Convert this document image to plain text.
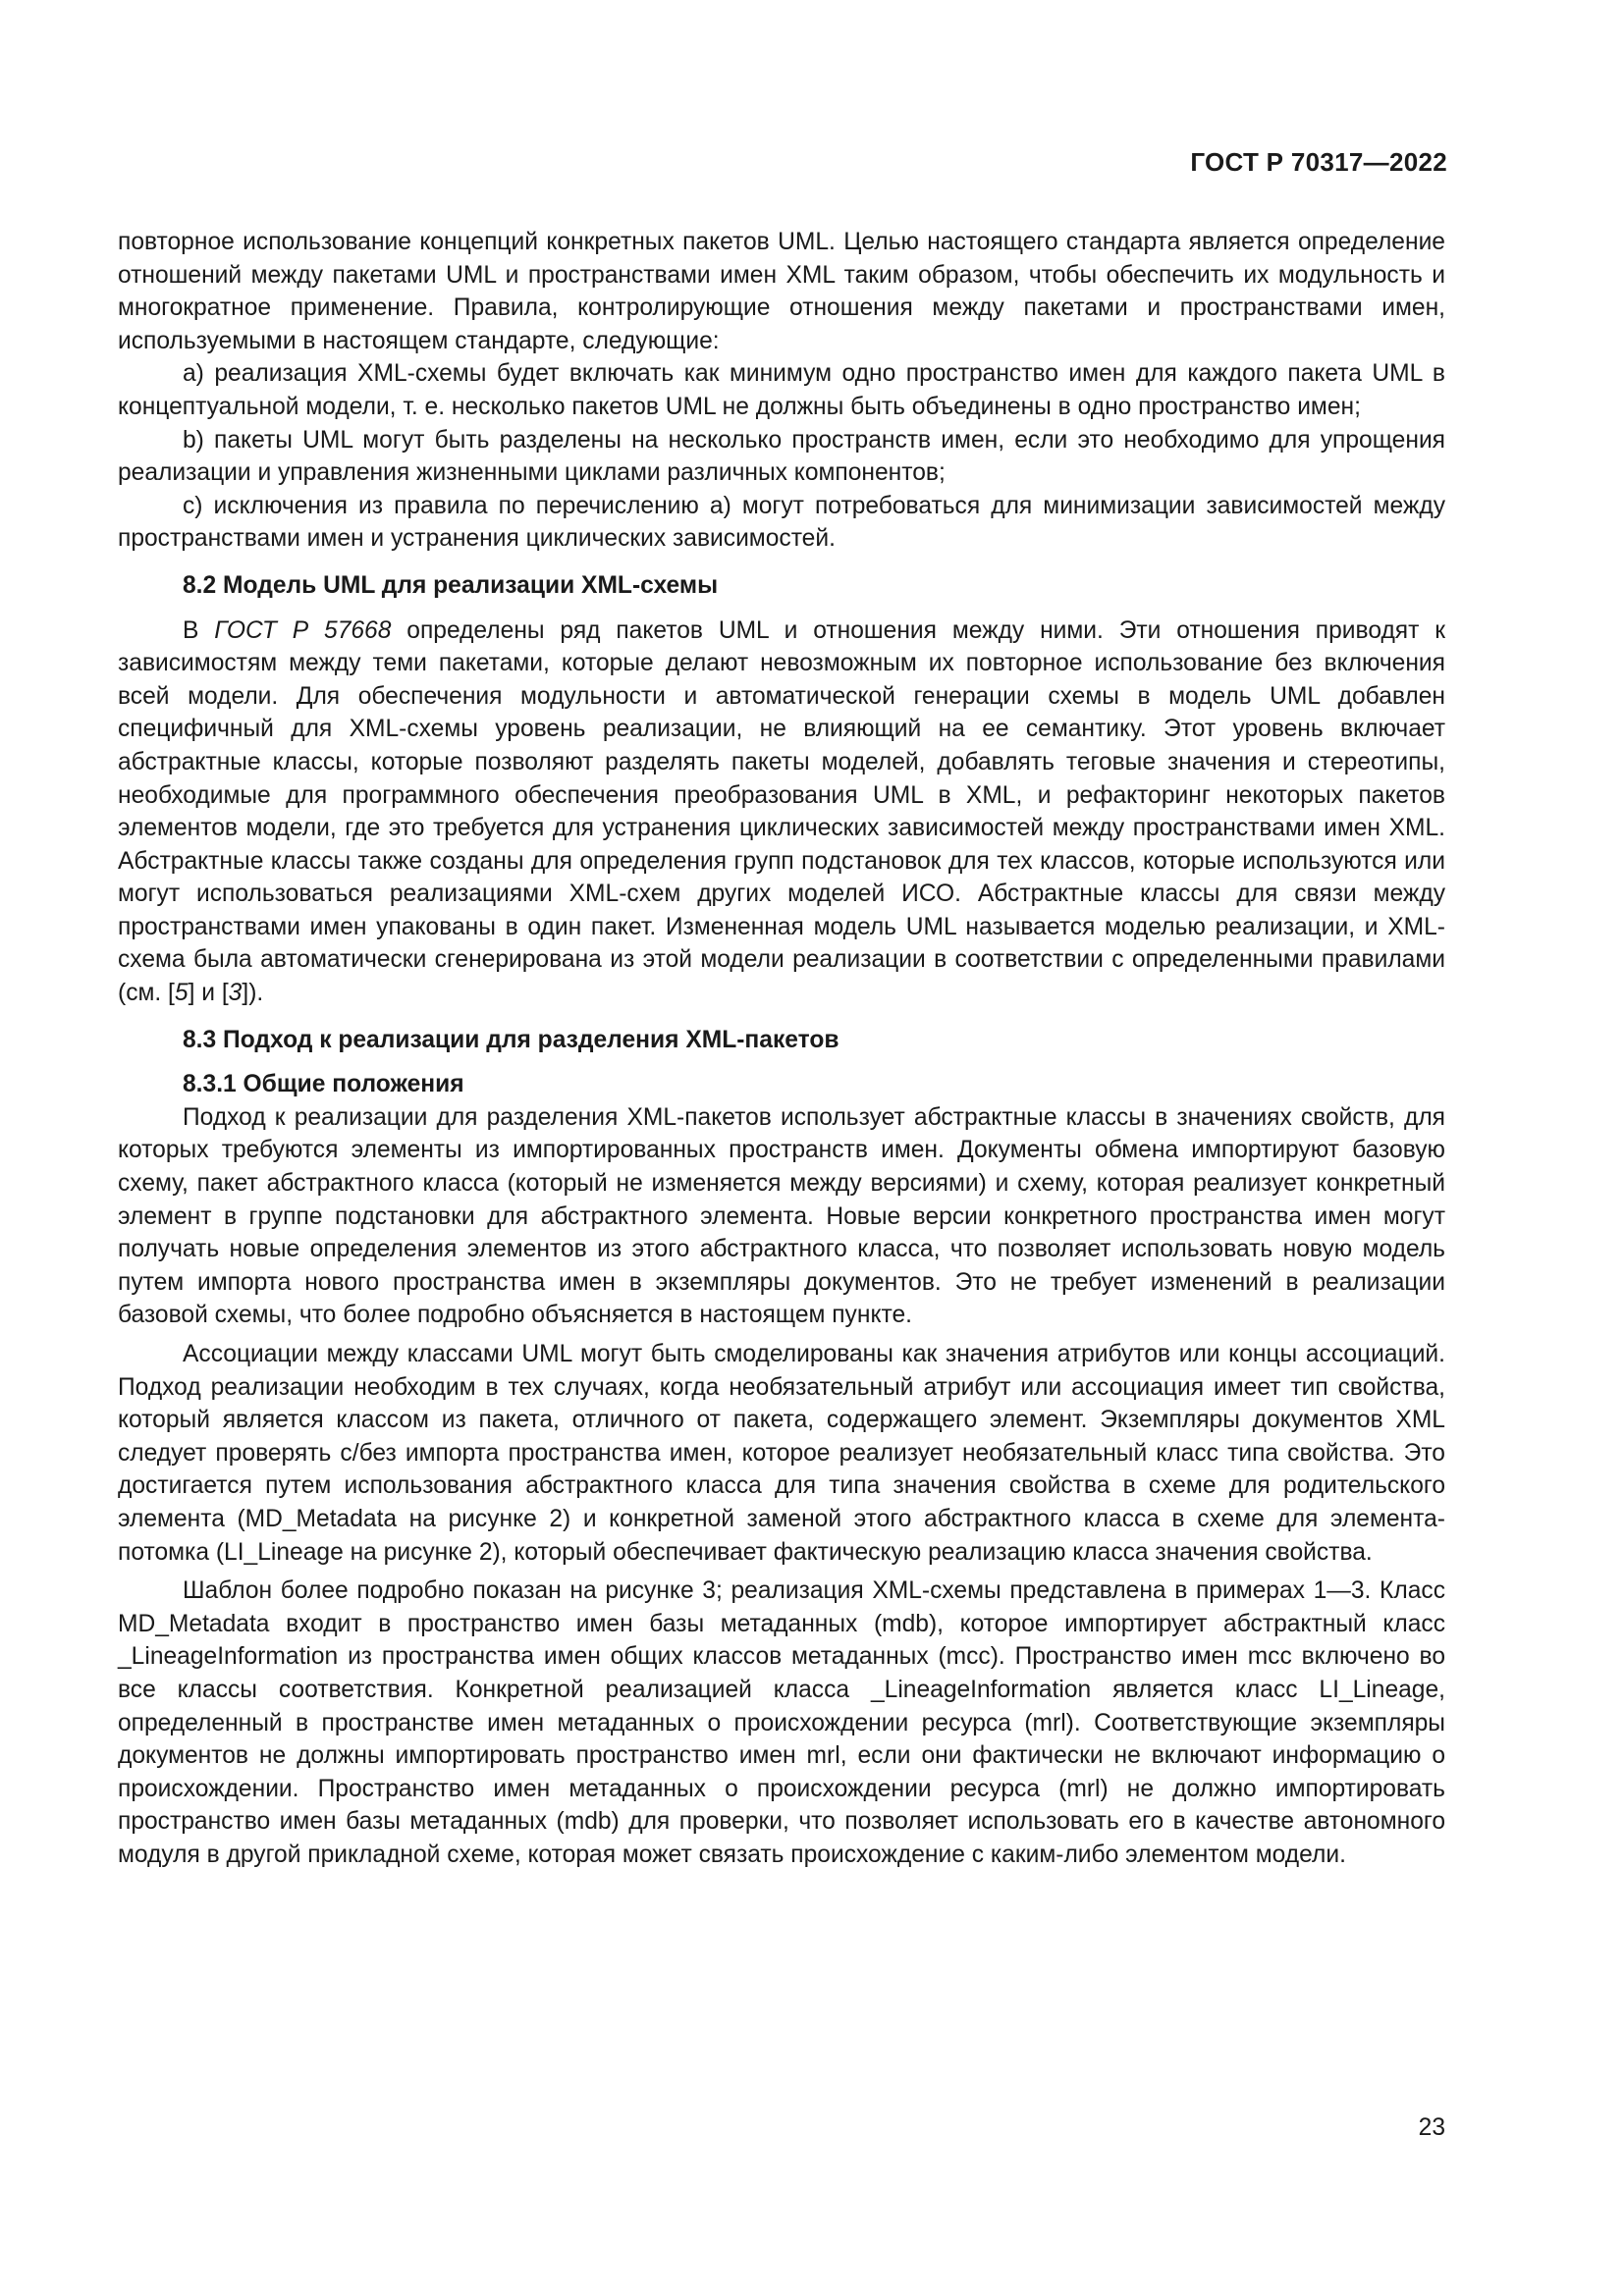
ГОСТ Р 70317—2022

повторное использование концепций конкретных пакетов UML. Целью настоящего стандарта является определение отношений между пакетами UML и пространствами имен XML таким образом, чтобы обеспечить их модульность и многократное применение. Правила, контролирующие отношения между пакетами и пространствами имен, используемыми в настоящем стандарте, следующие:

a) реализация XML-схемы будет включать как минимум одно пространство имен для каждого пакета UML в концептуальной модели, т. е. несколько пакетов UML не должны быть объединены в одно пространство имен;

b) пакеты UML могут быть разделены на несколько пространств имен, если это необходимо для упрощения реализации и управления жизненными циклами различных компонентов;

c) исключения из правила по перечислению a) могут потребоваться для минимизации зависимостей между пространствами имен и устранения циклических зависимостей.

8.2 Модель UML для реализации XML-схемы

В ГОСТ Р 57668 определены ряд пакетов UML и отношения между ними. Эти отношения приводят к зависимостям между теми пакетами, которые делают невозможным их повторное использование без включения всей модели. Для обеспечения модульности и автоматической генерации схемы в модель UML добавлен специфичный для XML-схемы уровень реализации, не влияющий на ее семантику. Этот уровень включает абстрактные классы, которые позволяют разделять пакеты моделей, добавлять теговые значения и стереотипы, необходимые для программного обеспечения преобразования UML в XML, и рефакторинг некоторых пакетов элементов модели, где это требуется для устранения циклических зависимостей между пространствами имен XML. Абстрактные классы также созданы для определения групп подстановок для тех классов, которые используются или могут использоваться реализациями XML-схем других моделей ИСО. Абстрактные классы для связи между пространствами имен упакованы в один пакет. Измененная модель UML называется моделью реализации, и XML-схема была автоматически сгенерирована из этой модели реализации в соответствии с определенными правилами (см. [5] и [3]).

8.3 Подход к реализации для разделения XML-пакетов
8.3.1 Общие положения

Подход к реализации для разделения XML-пакетов использует абстрактные классы в значениях свойств, для которых требуются элементы из импортированных пространств имен. Документы обмена импортируют базовую схему, пакет абстрактного класса (который не изменяется между версиями) и схему, которая реализует конкретный элемент в группе подстановки для абстрактного элемента. Новые версии конкретного пространства имен могут получать новые определения элементов из этого абстрактного класса, что позволяет использовать новую модель путем импорта нового пространства имен в экземпляры документов. Это не требует изменений в реализации базовой схемы, что более подробно объясняется в настоящем пункте.

Ассоциации между классами UML могут быть смоделированы как значения атрибутов или концы ассоциаций. Подход реализации необходим в тех случаях, когда необязательный атрибут или ассоциация имеет тип свойства, который является классом из пакета, отличного от пакета, содержащего элемент. Экземпляры документов XML следует проверять с/без импорта пространства имен, которое реализует необязательный класс типа свойства. Это достигается путем использования абстрактного класса для типа значения свойства в схеме для родительского элемента (MD_Metadata на рисунке 2) и конкретной заменой этого абстрактного класса в схеме для элемента-потомка (LI_Lineage на рисунке 2), который обеспечивает фактическую реализацию класса значения свойства.

Шаблон более подробно показан на рисунке 3; реализация XML-схемы представлена в примерах 1—3. Класс MD_Metadata входит в пространство имен базы метаданных (mdb), которое импортирует абстрактный класс _LineageInformation из пространства имен общих классов метаданных (mcc). Пространство имен mcc включено во все классы соответствия. Конкретной реализацией класса _LineageInformation является класс LI_Lineage, определенный в пространстве имен метаданных о происхождении ресурса (mrl). Соответствующие экземпляры документов не должны импортировать пространство имен mrl, если они фактически не включают информацию о происхождении. Пространство имен метаданных о происхождении ресурса (mrl) не должно импортировать пространство имен базы метаданных (mdb) для проверки, что позволяет использовать его в качестве автономного модуля в другой прикладной схеме, которая может связать происхождение с каким-либо элементом модели.

23
